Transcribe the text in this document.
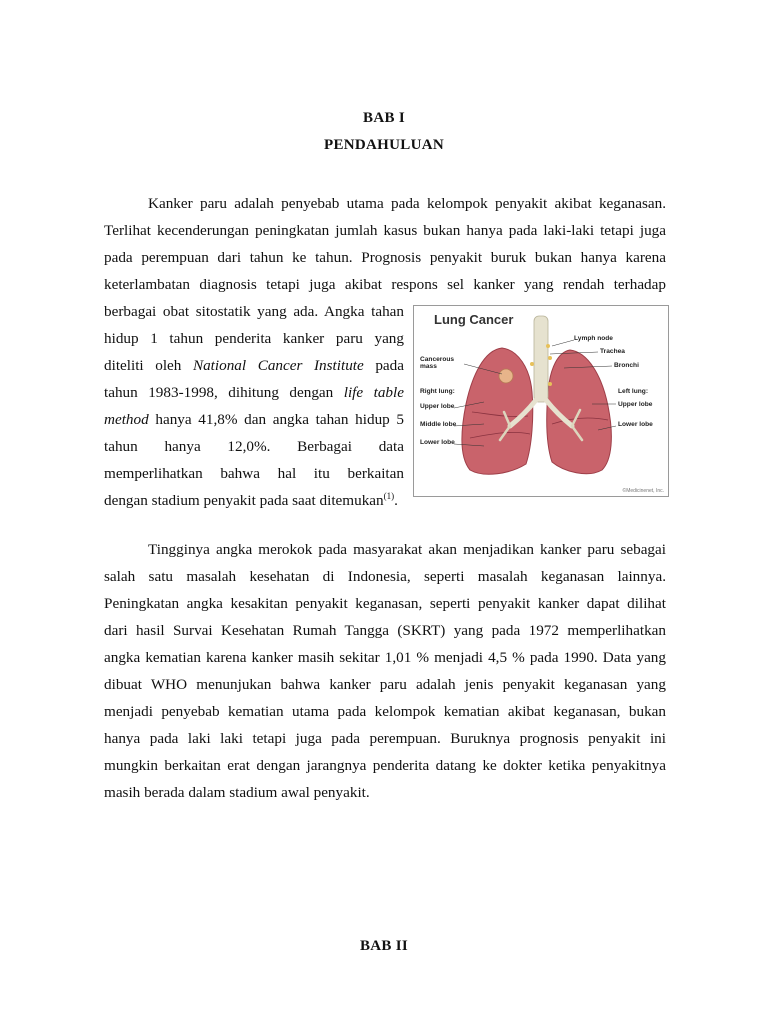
BAB I
PENDAHULUAN
Kanker paru adalah penyebab utama pada kelompok penyakit akibat keganasan.
Terlihat kecenderungan peningkatan jumlah kasus bukan hanya pada laki-laki tetapi juga
pada perempuan dari tahun ke tahun. Prognosis penyakit buruk bukan hanya karena
keterlambatan diagnosis tetapi juga akibat respons sel kanker yang rendah terhadap
berbagai obat sitostatik yang ada. Angka tahan
hidup 1 tahun penderita kanker paru yang
diteliti oleh National Cancer Institute pada
tahun 1983-1998, dihitung dengan life table
method hanya 41,8% dan angka tahan hidup 5
tahun hanya 12,0%. Berbagai data
memperlihatkan bahwa hal itu berkaitan
dengan stadium penyakit pada saat ditemukan$^{(1)}$.
Lung Cancer
Lymph node
Trachea
Bronchi
Cancerous
mass
Right lung:
Upper lobe
Middle lobe
Lower lobe
Left lung:
Upper lobe
Lower lobe
©Medicinenet, Inc.
Tingginya angka merokok pada masyarakat akan menjadikan kanker paru sebagai
salah satu masalah kesehatan di Indonesia, seperti masalah keganasan lainnya.
Peningkatan angka kesakitan penyakit keganasan, seperti penyakit kanker dapat dilihat
dari hasil Survai Kesehatan Rumah Tangga (SKRT) yang pada 1972 memperlihatkan
angka kematian karena kanker masih sekitar 1,01 % menjadi 4,5 % pada 1990. Data yang
dibuat WHO menunjukan bahwa kanker paru adalah jenis penyakit keganasan yang
menjadi penyebab kematian utama pada kelompok kematian akibat keganasan, bukan
hanya pada laki laki tetapi juga pada perempuan. Buruknya prognosis penyakit ini
mungkin berkaitan erat dengan jarangnya penderita datang ke dokter ketika penyakitnya
masih berada dalam stadium awal penyakit.
BAB II
